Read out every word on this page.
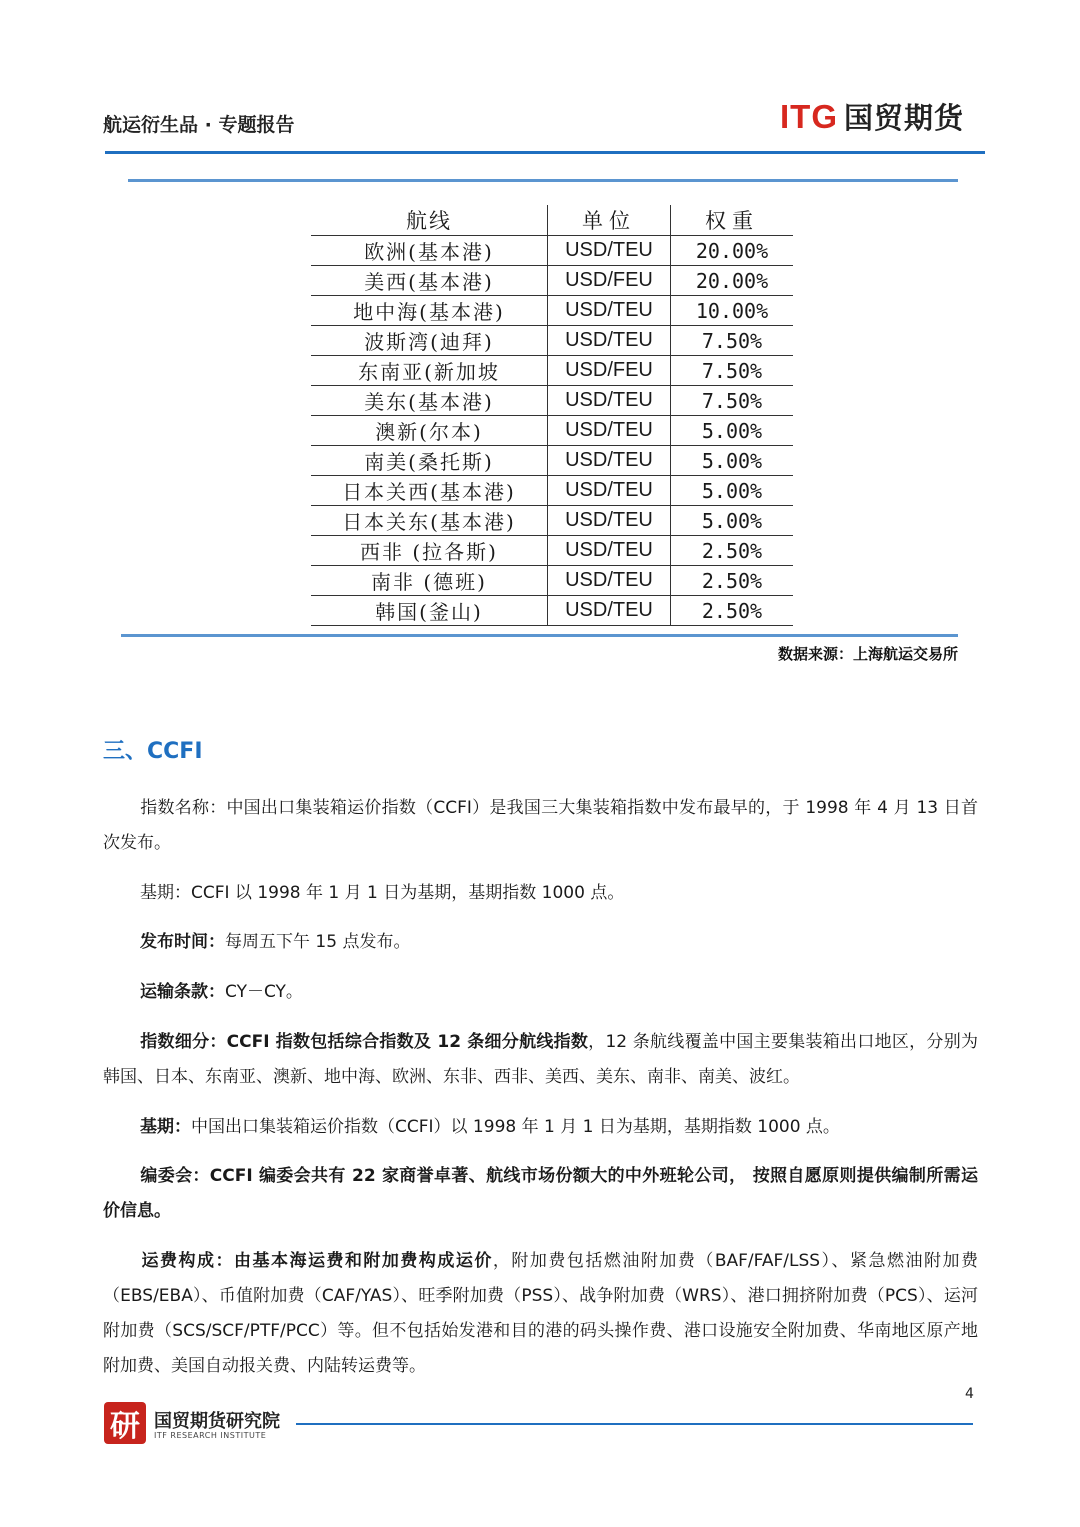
航运衍生品 · 专题报告	ITG 国贸期货
航线	单位	权重
欧洲(基本港)	USD/TEU	20.00%
美西(基本港)	USD/FEU	20.00%
地中海(基本港)	USD/TEU	10.00%
波斯湾(迪拜)	USD/TEU	7.50%
东南亚(新加坡	USD/FEU	7.50%
美东(基本港)	USD/TEU	7.50%
澳新(尔本)	USD/TEU	5.00%
南美(桑托斯)	USD/TEU	5.00%
日本关西(基本港)	USD/TEU	5.00%
日本关东(基本港)	USD/TEU	5.00%
西非 (拉各斯)	USD/TEU	2.50%
南非 (德班)	USD/TEU	2.50%
韩国(釜山)	USD/TEU	2.50%
数据来源：上海航运交易所
三、CCFI
指数名称：中国出口集装箱运价指数（CCFI）是我国三大集装箱指数中发布最早的，于 1998 年 4 月 13 日首次发布。
基期：CCFI 以 1998 年 1 月 1 日为基期，基期指数 1000 点。
发布时间：每周五下午 15 点发布。
运输条款：CY－CY。
指数细分：CCFI 指数包括综合指数及 12 条细分航线指数，12 条航线覆盖中国主要集装箱出口地区，分别为韩国、日本、东南亚、澳新、地中海、欧洲、东非、西非、美西、美东、南非、南美、波红。
基期：中国出口集装箱运价指数（CCFI）以 1998 年 1 月 1 日为基期，基期指数 1000 点。
编委会：CCFI 编委会共有 22 家商誉卓著、航线市场份额大的中外班轮公司， 按照自愿原则提供编制所需运价信息。
运费构成：由基本海运费和附加费构成运价，附加费包括燃油附加费（BAF/FAF/LSS）、紧急燃油附加费（EBS/EBA）、币值附加费（CAF/YAS）、旺季附加费（PSS）、战争附加费（WRS）、港口拥挤附加费（PCS）、运河附加费（SCS/SCF/PTF/PCC）等。但不包括始发港和目的港的码头操作费、港口设施安全附加费、华南地区原产地附加费、美国自动报关费、内陆转运费等。
4
研 国贸期货研究院
ITF RESEARCH INSTITUTE
